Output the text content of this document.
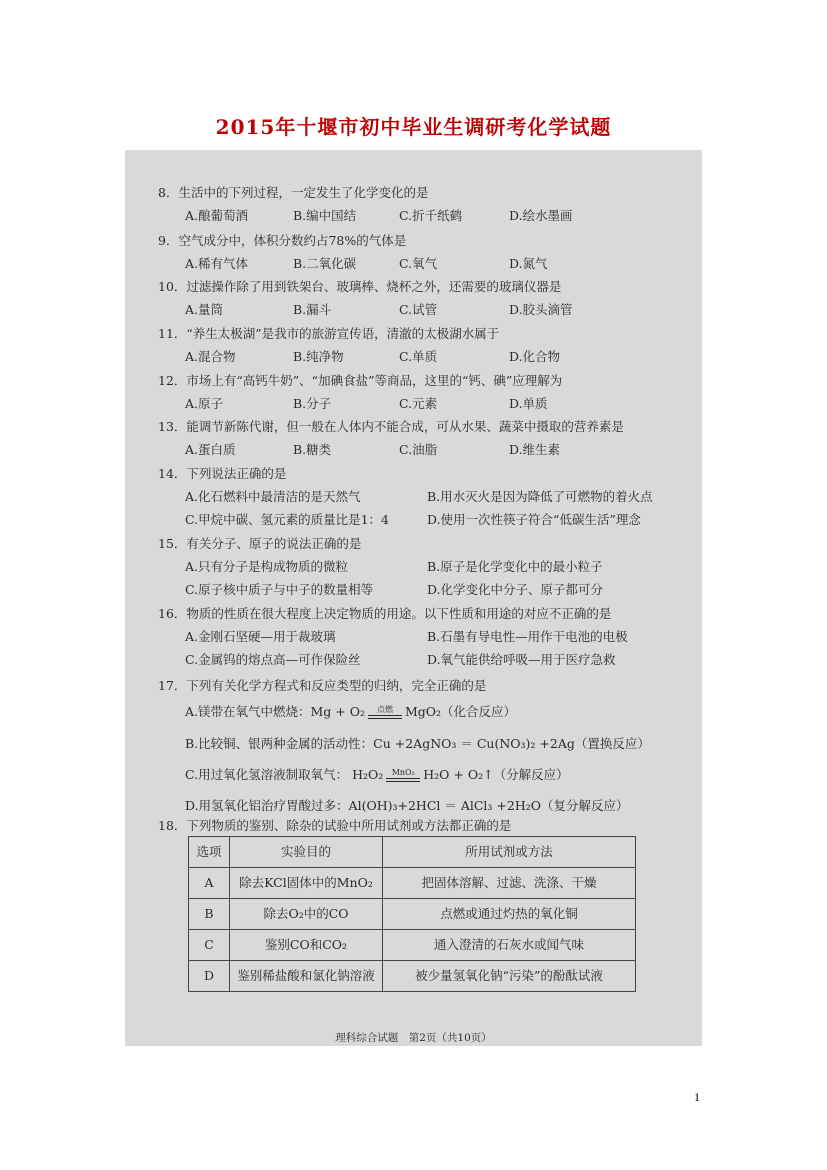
2015年十堰市初中毕业生调研考化学试题
8．生活中的下列过程，一定发生了化学变化的是
A.酿葡萄酒	B.编中国结	C.折千纸鹤	D.绘水墨画
9．空气成分中，体积分数约占78%的气体是
A.稀有气体	B.二氧化碳	C.氧气	D.氮气
10．过滤操作除了用到铁架台、玻璃棒、烧杯之外，还需要的玻璃仪器是
A.量筒	B.漏斗	C.试管	D.胶头滴管
11．“养生太极湖”是我市的旅游宣传语，清澈的太极湖水属于
A.混合物	B.纯净物	C.单质	D.化合物
12．市场上有“高钙牛奶”、“加碘食盐”等商品，这里的“钙、碘”应理解为
A.原子	B.分子	C.元素	D.单质
13．能调节新陈代谢，但一般在人体内不能合成，可从水果、蔬菜中摄取的营养素是
A.蛋白质	B.糖类	C.油脂	D.维生素
14．下列说法正确的是
A.化石燃料中最清洁的是天然气	B.用水灭火是因为降低了可燃物的着火点
C.甲烷中碳、氢元素的质量比是1：4	D.使用一次性筷子符合“低碳生活”理念
15．有关分子、原子的说法正确的是
A.只有分子是构成物质的微粒	B.原子是化学变化中的最小粒子
C.原子核中质子与中子的数量相等	D.化学变化中分子、原子都可分
16．物质的性质在很大程度上决定物质的用途。以下性质和用途的对应不正确的是
A.金刚石坚硬—用于裁玻璃	B.石墨有导电性—用作干电池的电极
C.金属钨的熔点高—可作保险丝	D.氧气能供给呼吸—用于医疗急救
17．下列有关化学方程式和反应类型的归纳，完全正确的是
A.镁带在氧气中燃烧：Mg + O₂	点燃 MgO₂（化合反应）
B.比较铜、银两种金属的活动性：Cu +2AgNO₃ ＝ Cu(NO₃)₂ +2Ag（置换反应）
C.用过氧化氢溶液制取氧气： H₂O₂	MnO₂ H₂O + O₂↑（分解反应）
D.用氢氧化铝治疗胃酸过多：Al(OH)₃+2HCl ＝ AlCl₃ +2H₂O（复分解反应）
18．下列物质的鉴别、除杂的试验中所用试剂或方法都正确的是
选项	实验目的	所用试剂或方法
A	除去KCl固体中的MnO₂	把固体溶解、过滤、洗涤、干燥
B	除去O₂中的CO	点燃或通过灼热的氧化铜
C	鉴别CO和CO₂	通入澄清的石灰水或闻气味
D	鉴别稀盐酸和氯化钠溶液	被少量氢氧化钠“污染”的酚酞试液
理科综合试题　第2页（共10页）
1
